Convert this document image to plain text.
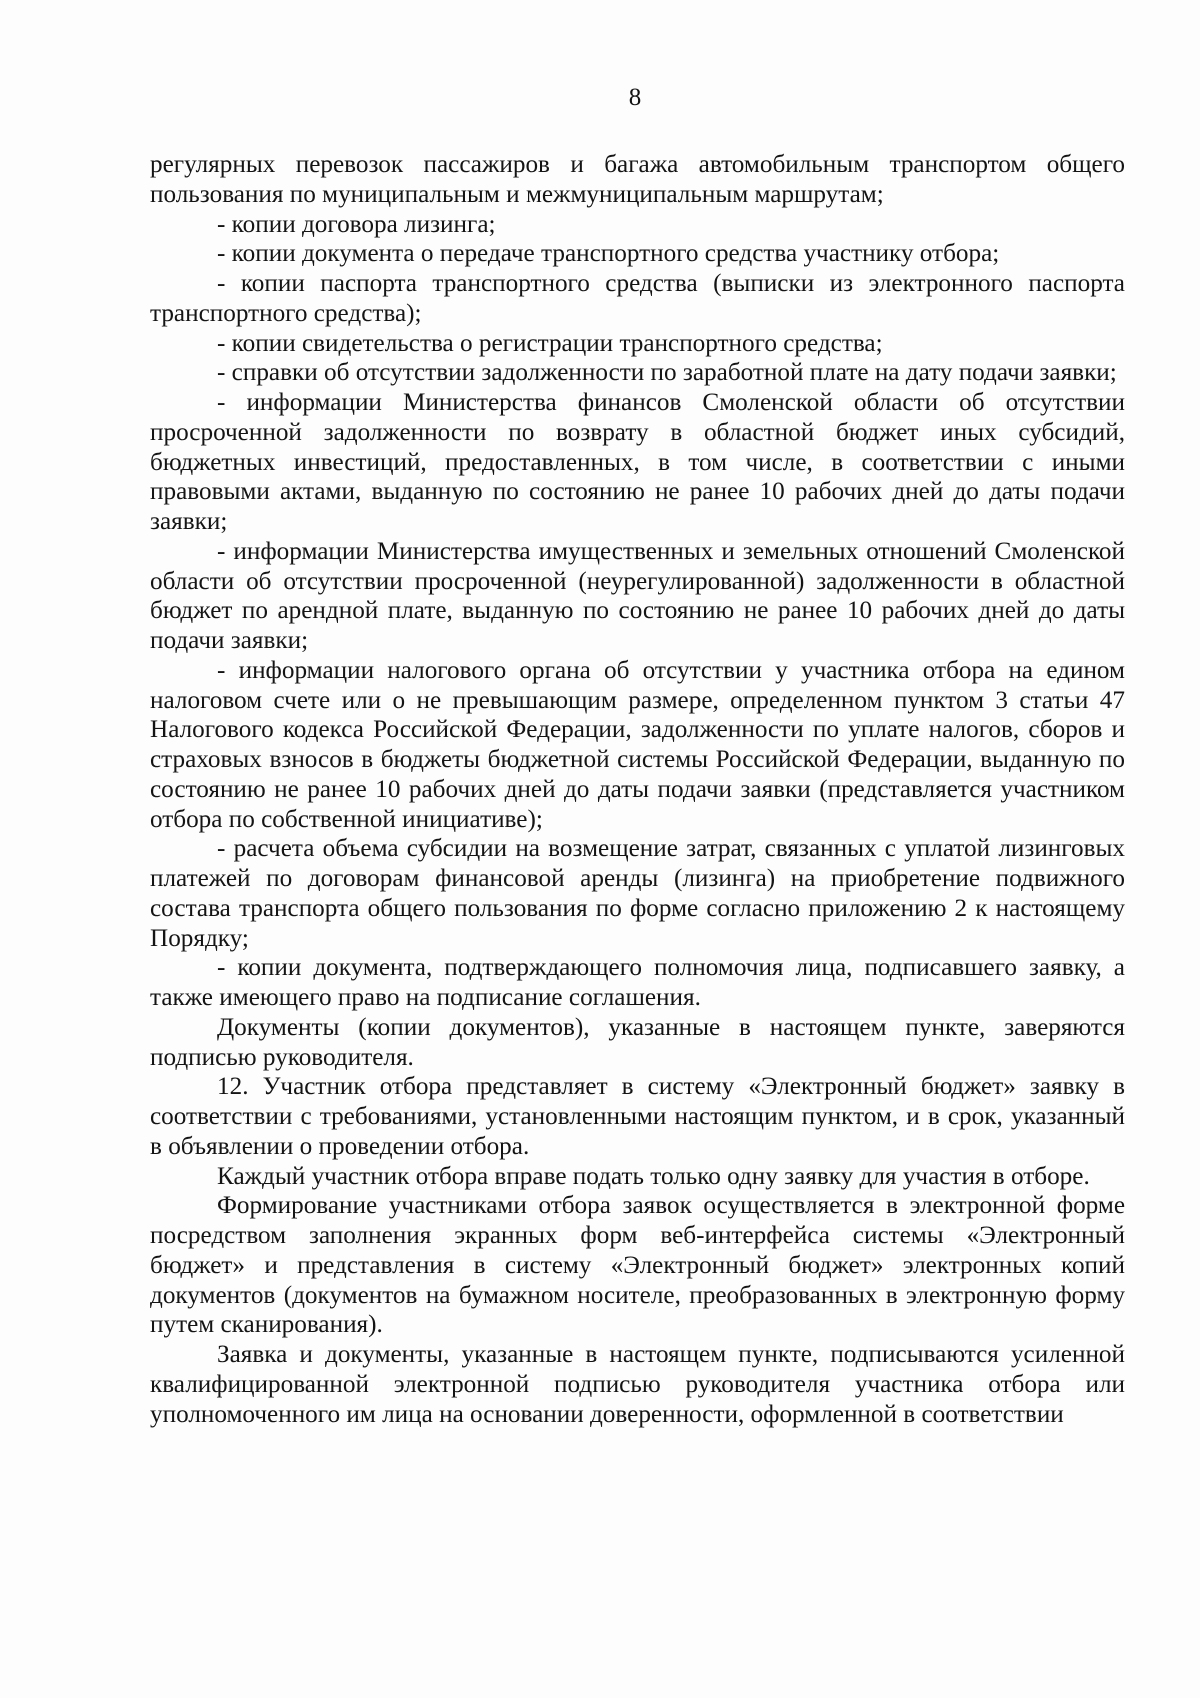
8

регулярных перевозок пассажиров и багажа автомобильным транспортом общего пользования по муниципальным и межмуниципальным маршрутам;

- копии договора лизинга;

- копии документа о передаче транспортного средства участнику отбора;

- копии паспорта транспортного средства (выписки из электронного паспорта транспортного средства);

- копии свидетельства о регистрации транспортного средства;

- справки об отсутствии задолженности по заработной плате на дату подачи заявки;

- информации Министерства финансов Смоленской области об отсутствии просроченной задолженности по возврату в областной бюджет иных субсидий, бюджетных инвестиций, предоставленных, в том числе, в соответствии с иными правовыми актами, выданную по состоянию не ранее 10 рабочих дней до даты подачи заявки;

- информации Министерства имущественных и земельных отношений Смоленской области об отсутствии просроченной (неурегулированной) задолженности в областной бюджет по арендной плате, выданную по состоянию не ранее 10 рабочих дней до даты подачи заявки;

- информации налогового органа об отсутствии у участника отбора на едином налоговом счете или о не превышающим размере, определенном пунктом 3 статьи 47 Налогового кодекса Российской Федерации, задолженности по уплате налогов, сборов и страховых взносов в бюджеты бюджетной системы Российской Федерации, выданную по состоянию не ранее 10 рабочих дней до даты подачи заявки (представляется участником отбора по собственной инициативе);

- расчета объема субсидии на возмещение затрат, связанных с уплатой лизинговых платежей по договорам финансовой аренды (лизинга) на приобретение подвижного состава транспорта общего пользования по форме согласно приложению 2 к настоящему Порядку;

- копии документа, подтверждающего полномочия лица, подписавшего заявку, а также имеющего право на подписание соглашения.

Документы (копии документов), указанные в настоящем пункте, заверяются подписью руководителя.

12. Участник отбора представляет в систему «Электронный бюджет» заявку в соответствии с требованиями, установленными настоящим пунктом, и в срок, указанный в объявлении о проведении отбора.

Каждый участник отбора вправе подать только одну заявку для участия в отборе.

Формирование участниками отбора заявок осуществляется в электронной форме посредством заполнения экранных форм веб-интерфейса системы «Электронный бюджет» и представления в систему «Электронный бюджет» электронных копий документов (документов на бумажном носителе, преобразованных в электронную форму путем сканирования).

Заявка и документы, указанные в настоящем пункте, подписываются усиленной квалифицированной электронной подписью руководителя участника отбора или уполномоченного им лица на основании доверенности, оформленной в соответствии
